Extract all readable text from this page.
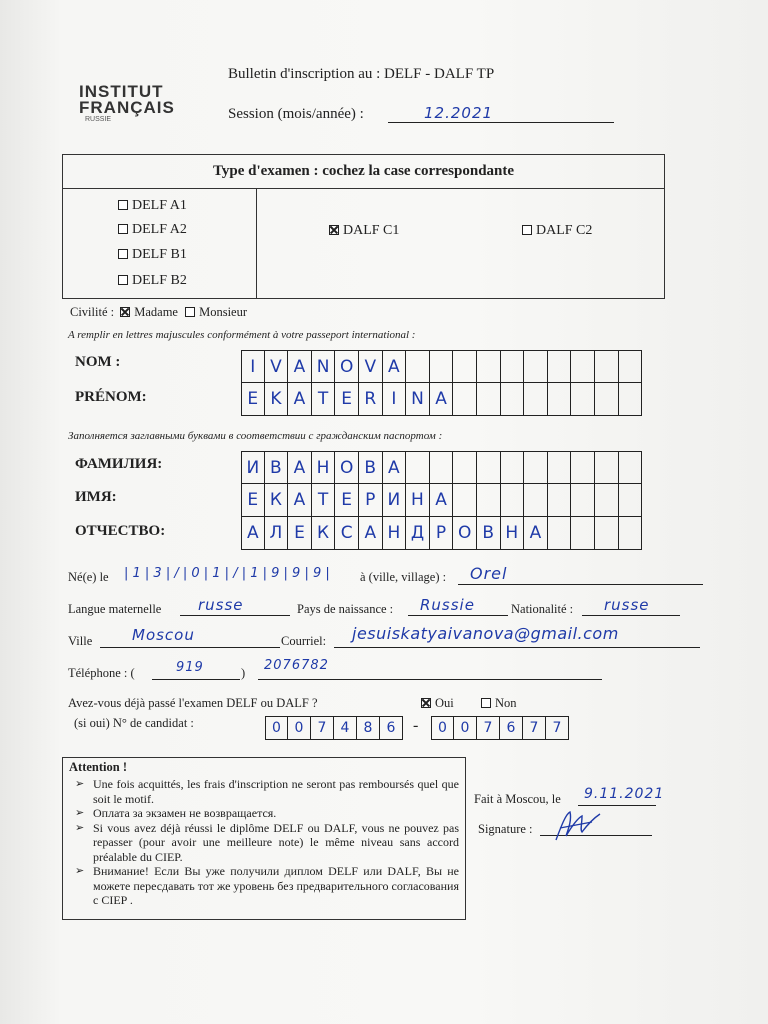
INSTITUT
FRANÇAIS
RUSSIE
Bulletin d'inscription au : DELF - DALF TP
Session (mois/année) :	12.2021
Type d'examen : cochez la case correspondante
DELF A1
DELF A2
DELF B1
DELF B2
DALF C1	DALF C2
Civilité : Madame Monsieur
A remplir en lettres majuscules conformément à votre passeport international :
NOM :	I V A N O V A
PRÉNOM:	E K A T E R I N A
Заполняется заглавными буквами в соответствии с гражданским паспортом :
ФАМИЛИЯ:	И В А Н О В А
ИМЯ:	Е К А Т Е Р И Н А
ОТЧЕСТВО:	А Л Е К С А Н Д Р О В Н А
Né(e) le | 1 | 3 | / | 0 | 1 | / | 1 | 9 | 9 | 9 | à (ville, village) : Orel
Langue maternelle russe	Pays de naissance : Russie	Nationalité : russe
Ville	Moscou	Courriel: jesuiskatyaivanova@gmail.com
Téléphone : (	919	) 2076782
Avez-vous déjà passé l'examen DELF ou DALF ?	Oui	Non
(si oui) N° de candidat :	0 0	7	4	8	6	-	0 0	7	6	7	7
Attention !
➢ Une fois acquittés, les frais d'inscription ne seront pas remboursés quel que soit le motif.
➢ Оплата за экзамен не возвращается.
➢ Si vous avez déjà réussi le diplôme DELF ou DALF, vous ne pouvez pas repasser (pour avoir une meilleure note) le même niveau sans accord préalable du CIEP.
➢ Внимание! Если Вы уже получили диплом DELF или DALF, Вы не можете пересдавать тот же уровень без предварительного согласования с CIEP .
Fait à Moscou, le 9.11.2021
Signature :
